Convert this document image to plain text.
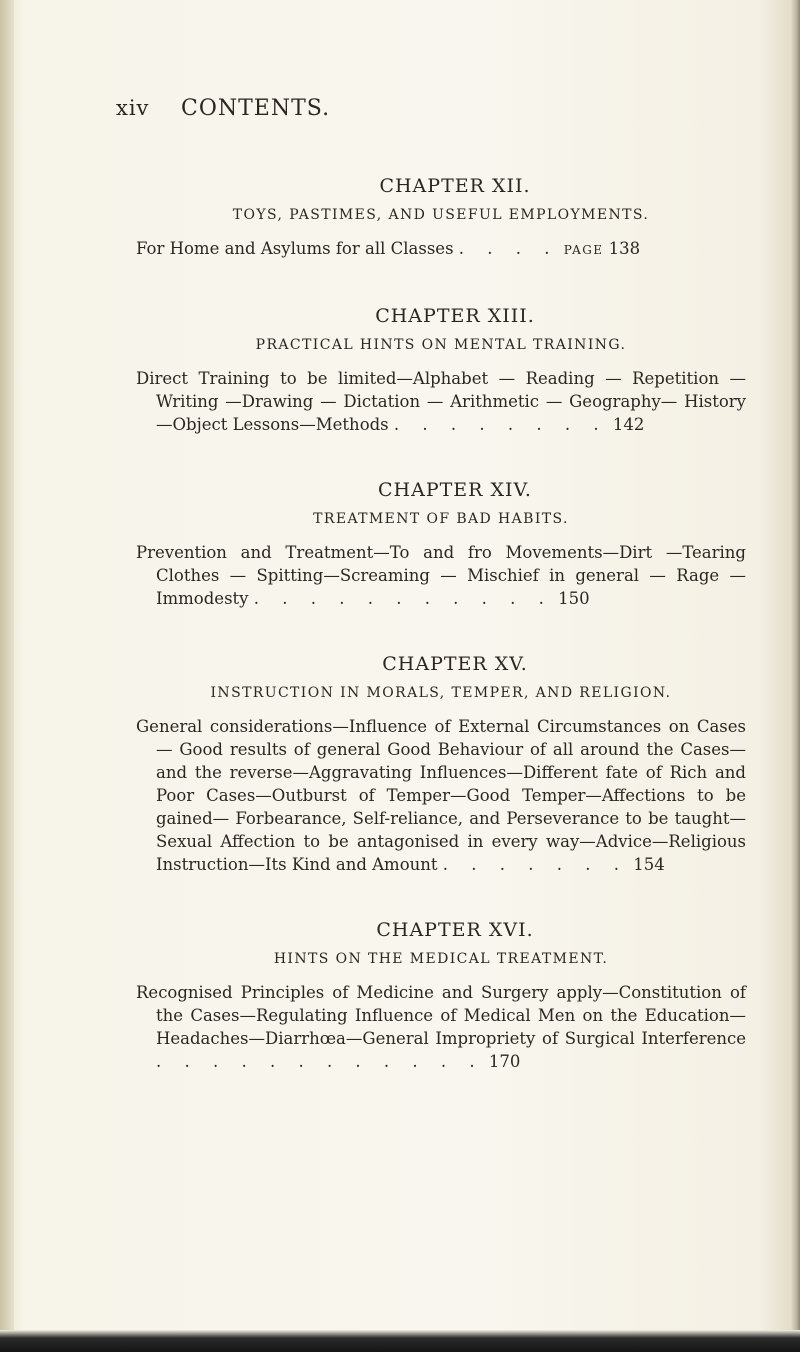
xiv CONTENTS.

CHAPTER XII.

TOYS, PASTIMES, AND USEFUL EMPLOYMENTS.

For Home and Asylums for all Classes . . . . PAGE 138

CHAPTER XIII.

PRACTICAL HINTS ON MENTAL TRAINING.

Direct Training to be limited—Alphabet — Reading — Repetition — Writing —Drawing — Dictation — Arithmetic — Geography— History —Object Lessons—Methods . . . . . . . . 142

CHAPTER XIV.

TREATMENT OF BAD HABITS.

Prevention and Treatment—To and fro Movements—Dirt —Tearing Clothes — Spitting—Screaming — Mischief in general — Rage — Immodesty . . . . . . . . . . . 150

CHAPTER XV.

INSTRUCTION IN MORALS, TEMPER, AND RELIGION.

General considerations—Influence of External Circumstances on Cases— Good results of general Good Behaviour of all around the Cases—and the reverse—Aggravating Influences—Different fate of Rich and Poor Cases—Outburst of Temper—Good Temper—Affections to be gained— Forbearance, Self-reliance, and Perseverance to be taught—Sexual Affection to be antagonised in every way—Advice—Religious Instruction—Its Kind and Amount . . . . . . . 154

CHAPTER XVI.

HINTS ON THE MEDICAL TREATMENT.

Recognised Principles of Medicine and Surgery apply—Constitution of the Cases—Regulating Influence of Medical Men on the Education— Headaches—Diarrhœa—General Impropriety of Surgical Interference . . . . . . . . . . . . 170
